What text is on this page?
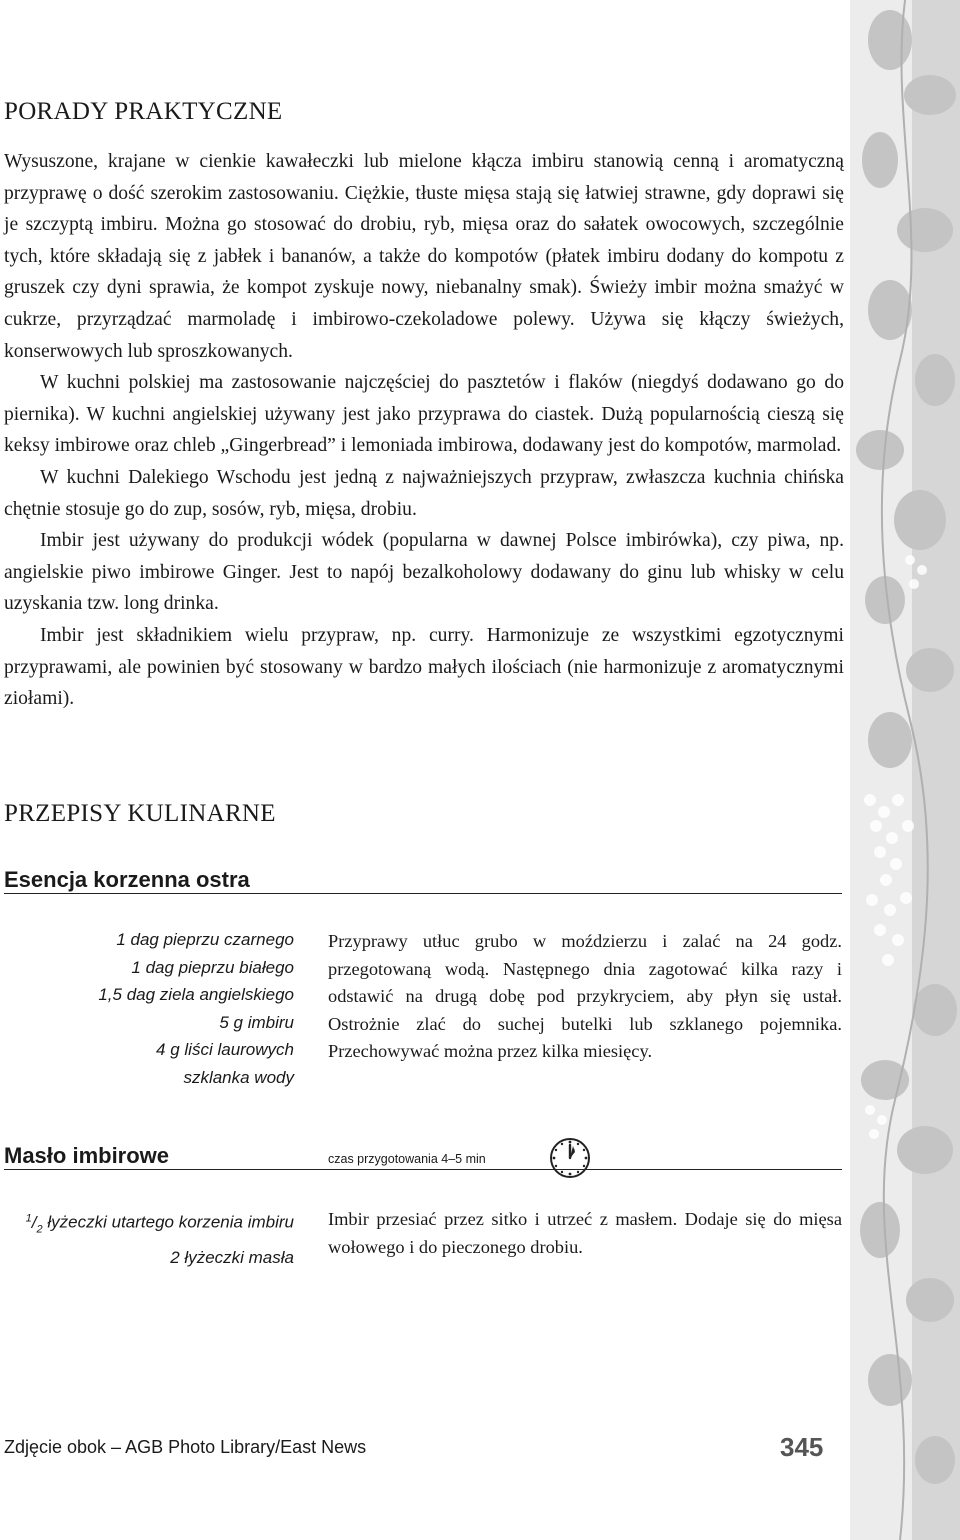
PORADY PRAKTYCZNE

Wysuszone, krajane w cienkie kawałeczki lub mielone kłącza imbiru stanowią cenną i aromatyczną przyprawę o dość szerokim zastosowaniu. Ciężkie, tłuste mięsa stają się łatwiej strawne, gdy doprawi się je szczyptą imbiru. Można go stosować do drobiu, ryb, mięsa oraz do sałatek owocowych, szczególnie tych, które składają się z jabłek i bananów, a także do kompotów (płatek imbiru dodany do kompotu z gruszek czy dyni sprawia, że kompot zyskuje nowy, niebanalny smak). Świeży imbir można smażyć w cukrze, przyrządzać marmoladę i imbirowo-czekoladowe polewy. Używa się kłączy świeżych, konserwowych lub sproszkowanych.

W kuchni polskiej ma zastosowanie najczęściej do pasztetów i flaków (niegdyś dodawano go do piernika). W kuchni angielskiej używany jest jako przyprawa do ciastek. Dużą popularnością cieszą się keksy imbirowe oraz chleb „Gingerbread” i lemoniada imbirowa, dodawany jest do kompotów, marmolad.

W kuchni Dalekiego Wschodu jest jedną z najważniejszych przypraw, zwłaszcza kuchnia chińska chętnie stosuje go do zup, sosów, ryb, mięsa, drobiu.

Imbir jest używany do produkcji wódek (popularna w dawnej Polsce imbirówka), czy piwa, np. angielskie piwo imbirowe Ginger. Jest to napój bezalkoholowy dodawany do ginu lub whisky w celu uzyskania tzw. long drinka.

Imbir jest składnikiem wielu przypraw, np. curry. Harmonizuje ze wszystkimi egzotycznymi przyprawami, ale powinien być stosowany w bardzo małych ilościach (nie harmonizuje z aromatycznymi ziołami).

PRZEPISY KULINARNE
Esencja korzenna ostra
1 dag pieprzu czarnego
1 dag pieprzu białego
1,5 dag ziela angielskiego
5 g imbiru
4 g liści laurowych
szklanka wody

Przyprawy utłuc grubo w moździerzu i zalać na 24 godz. przegotowaną wodą. Następnego dnia zagotować kilka razy i odstawić na drugą dobę pod przykryciem, aby płyn się ustał. Ostrożnie zlać do suchej butelki lub szklanego pojemnika. Przechowywać można przez kilka miesięcy.

Masło imbirowe	czas przygotowania 4–5 min
$^1/_2$ łyżeczki utartego korzenia imbiru
2 łyżeczki masła

Imbir przesiać przez sitko i utrzeć z masłem. Dodaje się do mięsa wołowego i do pieczonego drobiu.

Zdjęcie obok – AGB Photo Library/East News	345
